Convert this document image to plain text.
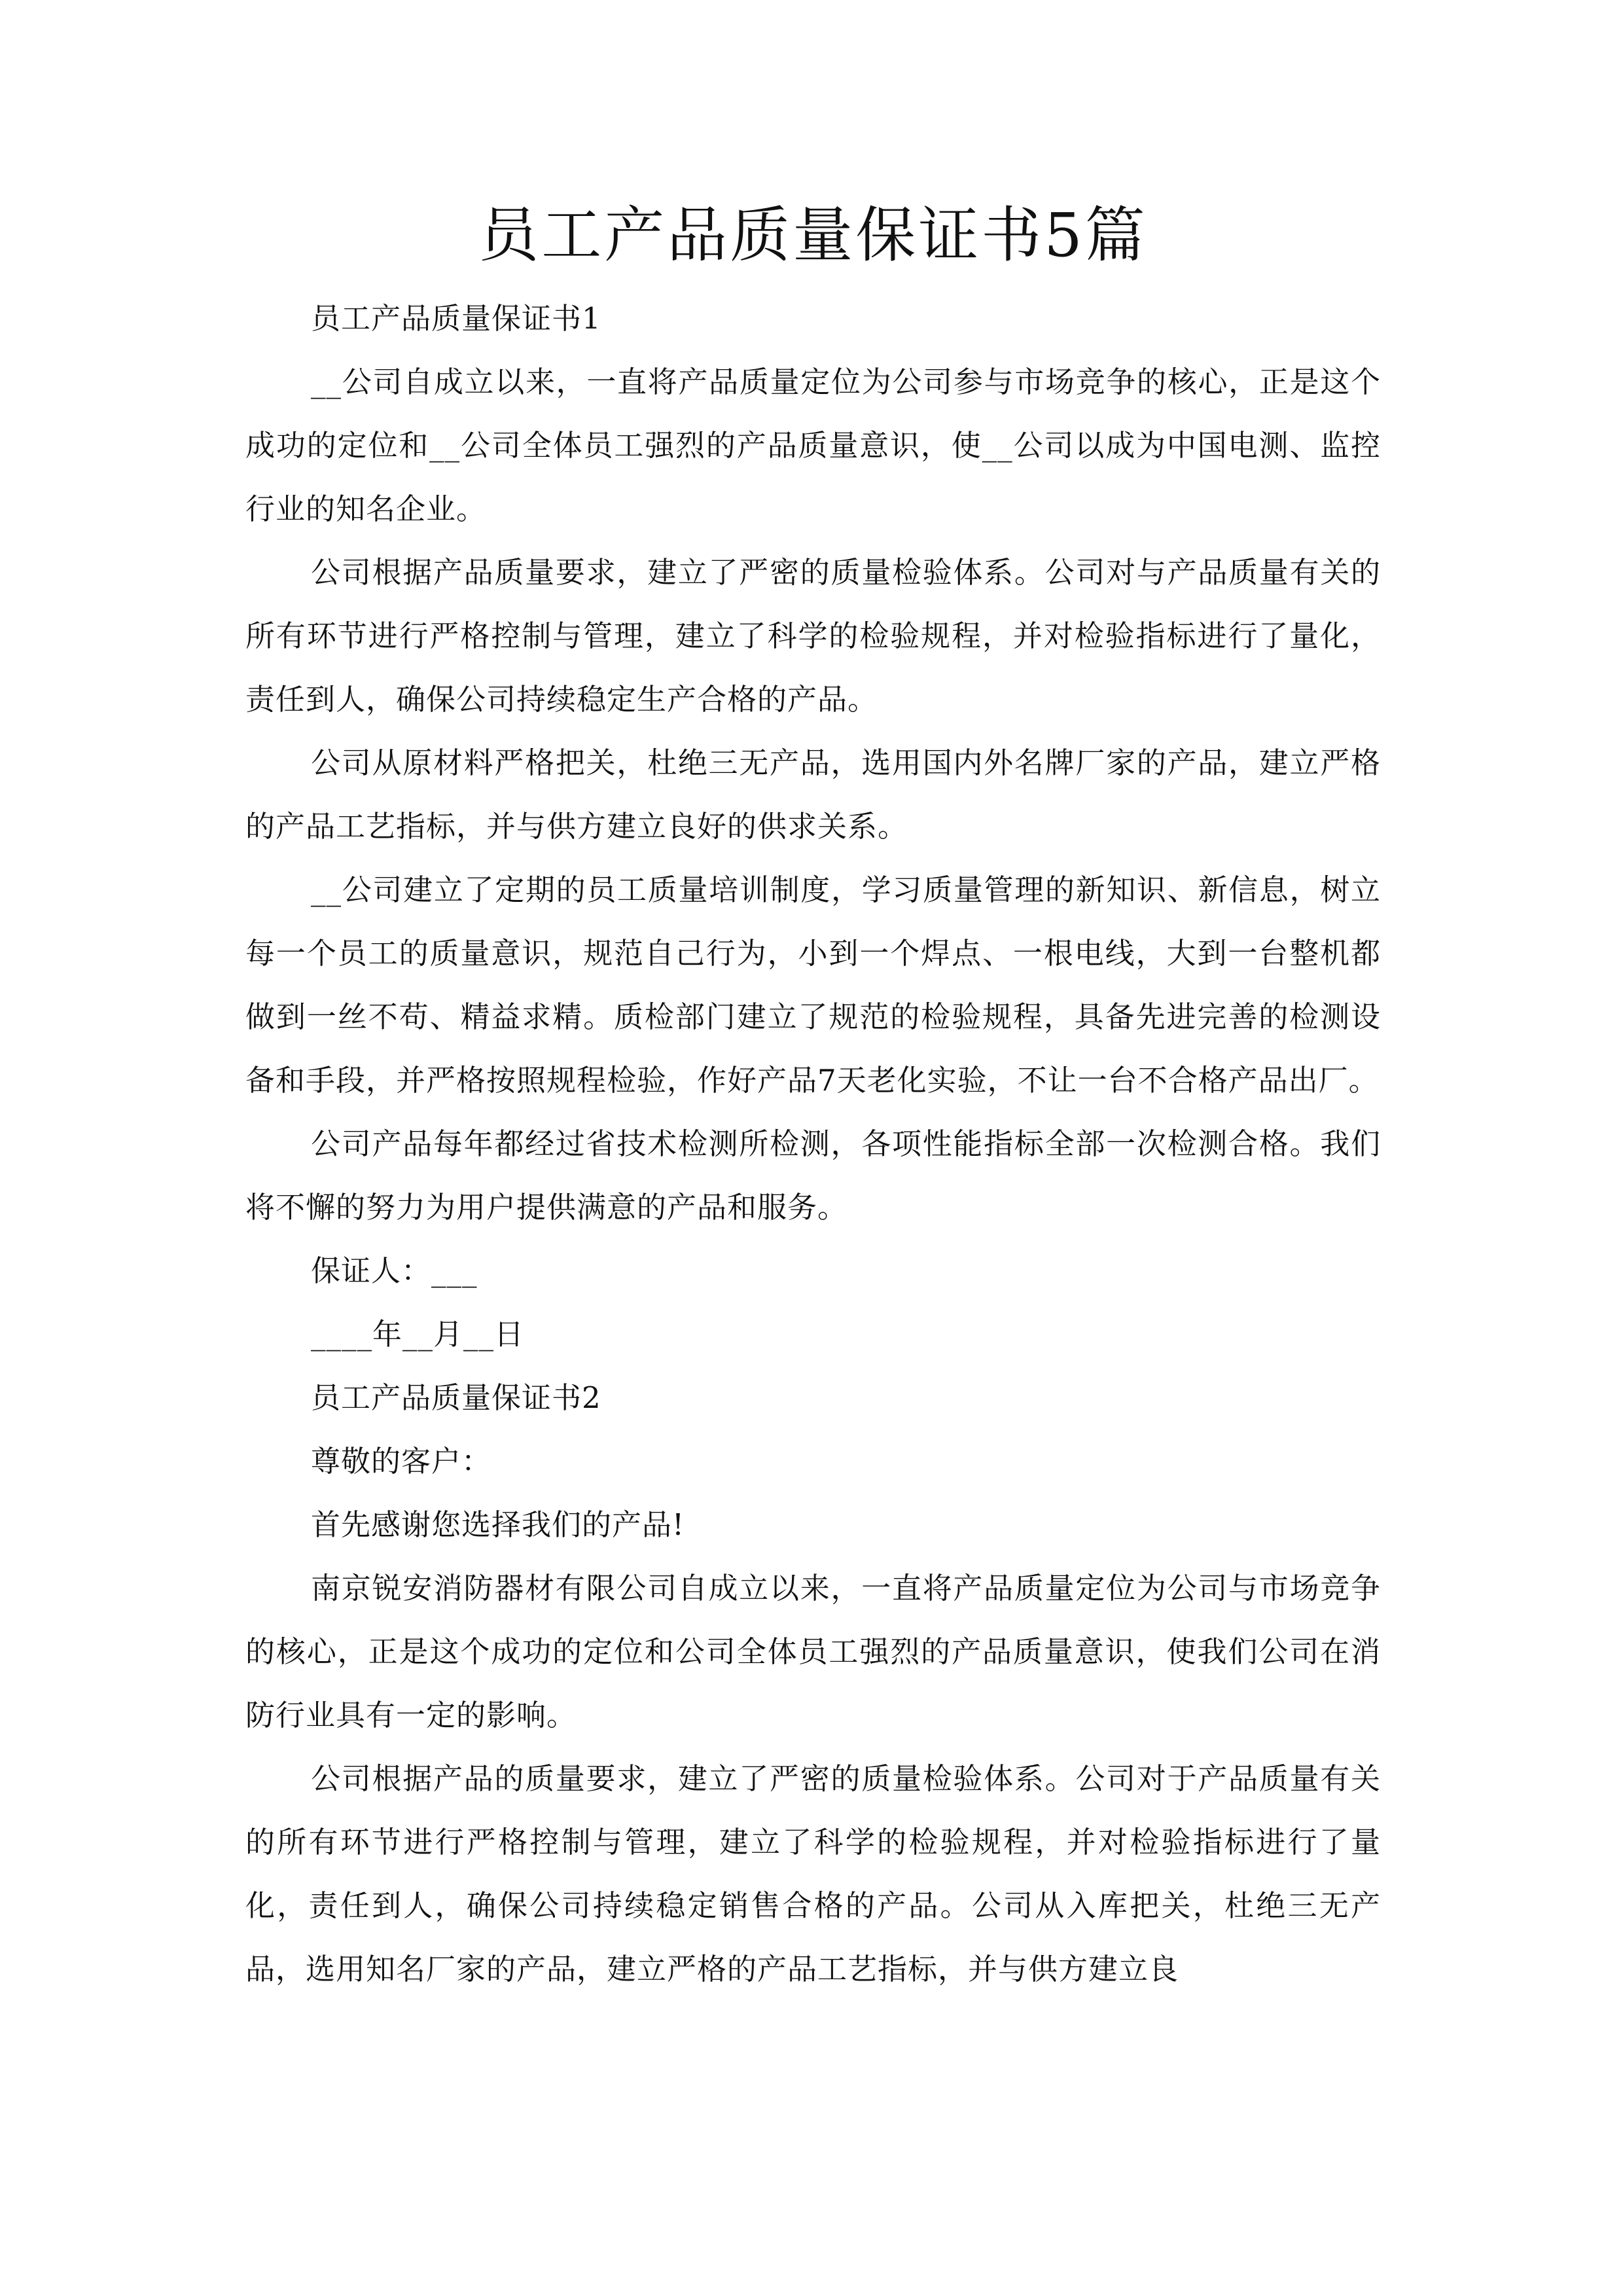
员工产品质量保证书5篇

员工产品质量保证书1

__公司自成立以来，一直将产品质量定位为公司参与市场竞争的核心，正是这个成功的定位和__公司全体员工强烈的产品质量意识，使__公司以成为中国电测、监控行业的知名企业。

公司根据产品质量要求，建立了严密的质量检验体系。公司对与产品质量有关的所有环节进行严格控制与管理，建立了科学的检验规程，并对检验指标进行了量化，责任到人，确保公司持续稳定生产合格的产品。

公司从原材料严格把关，杜绝三无产品，选用国内外名牌厂家的产品，建立严格的产品工艺指标，并与供方建立良好的供求关系。

__公司建立了定期的员工质量培训制度，学习质量管理的新知识、新信息，树立每一个员工的质量意识，规范自己行为，小到一个焊点、一根电线，大到一台整机都做到一丝不苟、精益求精。质检部门建立了规范的检验规程，具备先进完善的检测设备和手段，并严格按照规程检验，作好产品7天老化实验，不让一台不合格产品出厂。

公司产品每年都经过省技术检测所检测，各项性能指标全部一次检测合格。我们将不懈的努力为用户提供满意的产品和服务。

保证人：___

____年__月__日

员工产品质量保证书2

尊敬的客户：

首先感谢您选择我们的产品!

南京锐安消防器材有限公司自成立以来，一直将产品质量定位为公司与市场竞争的核心，正是这个成功的定位和公司全体员工强烈的产品质量意识，使我们公司在消防行业具有一定的影响。

公司根据产品的质量要求，建立了严密的质量检验体系。公司对于产品质量有关的所有环节进行严格控制与管理，建立了科学的检验规程，并对检验指标进行了量化，责任到人，确保公司持续稳定销售合格的产品。公司从入库把关，杜绝三无产品，选用知名厂家的产品，建立严格的产品工艺指标，并与供方建立良
